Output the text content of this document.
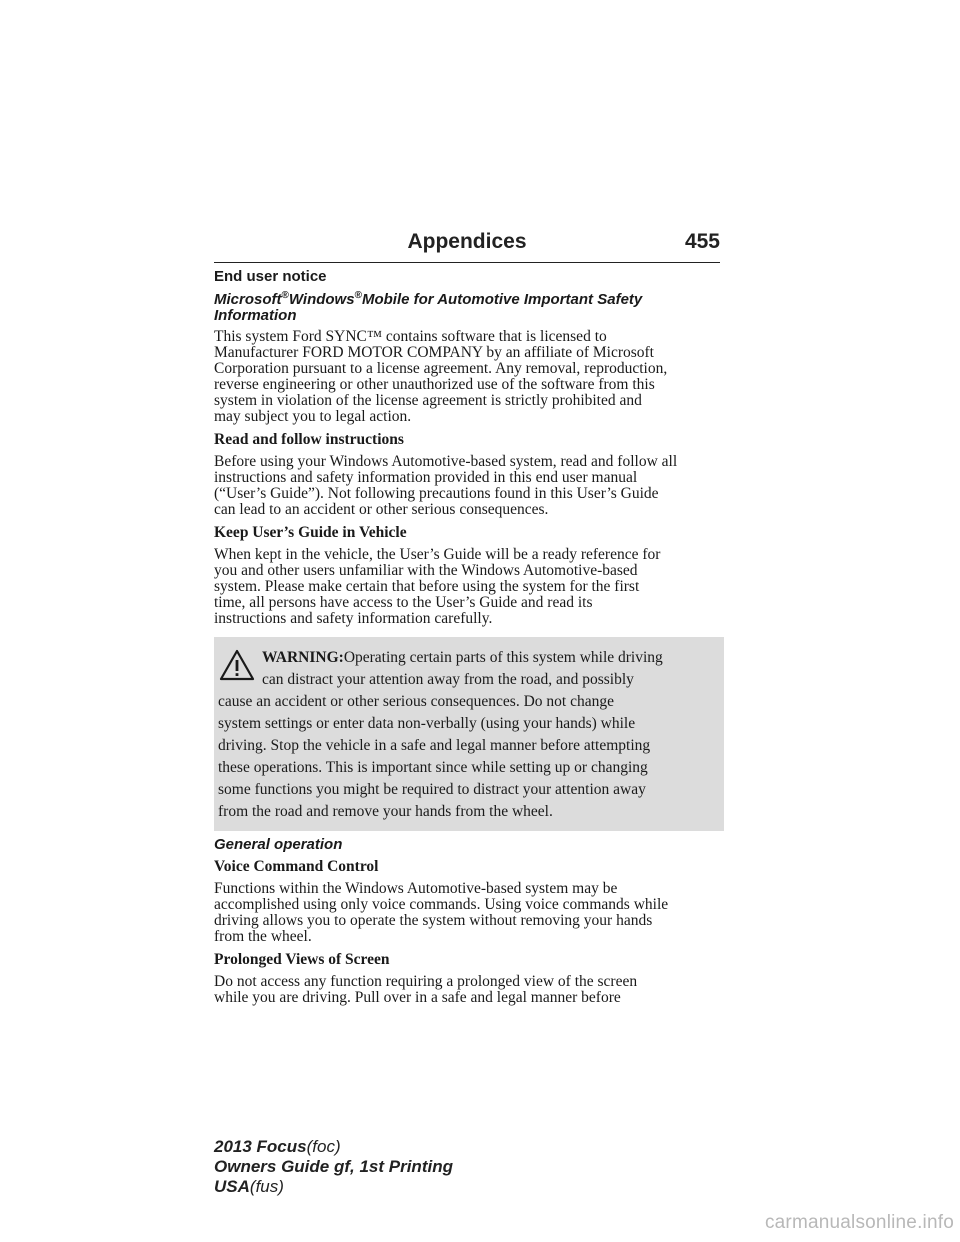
Appendices	455
End user notice
Microsoft®Windows®Mobile for Automotive Important Safety
Information
This system Ford SYNC™ contains software that is licensed to
Manufacturer FORD MOTOR COMPANY by an affiliate of Microsoft
Corporation pursuant to a license agreement. Any removal, reproduction,
reverse engineering or other unauthorized use of the software from this
system in violation of the license agreement is strictly prohibited and
may subject you to legal action.
Read and follow instructions
Before using your Windows Automotive-based system, read and follow all
instructions and safety information provided in this end user manual
(“User’s Guide”). Not following precautions found in this User’s Guide
can lead to an accident or other serious consequences.
Keep User’s Guide in Vehicle
When kept in the vehicle, the User’s Guide will be a ready reference for
you and other users unfamiliar with the Windows Automotive-based
system. Please make certain that before using the system for the first
time, all persons have access to the User’s Guide and read its
instructions and safety information carefully.
WARNING:Operating certain parts of this system while driving
can distract your attention away from the road, and possibly
cause an accident or other serious consequences. Do not change
system settings or enter data non-verbally (using your hands) while
driving. Stop the vehicle in a safe and legal manner before attempting
these operations. This is important since while setting up or changing
some functions you might be required to distract your attention away
from the road and remove your hands from the wheel.
General operation
Voice Command Control
Functions within the Windows Automotive-based system may be
accomplished using only voice commands. Using voice commands while
driving allows you to operate the system without removing your hands
from the wheel.
Prolonged Views of Screen
Do not access any function requiring a prolonged view of the screen
while you are driving. Pull over in a safe and legal manner before
2013 Focus(foc)
Owners Guide gf, 1st Printing
USA(fus)
carmanualsonline.info
